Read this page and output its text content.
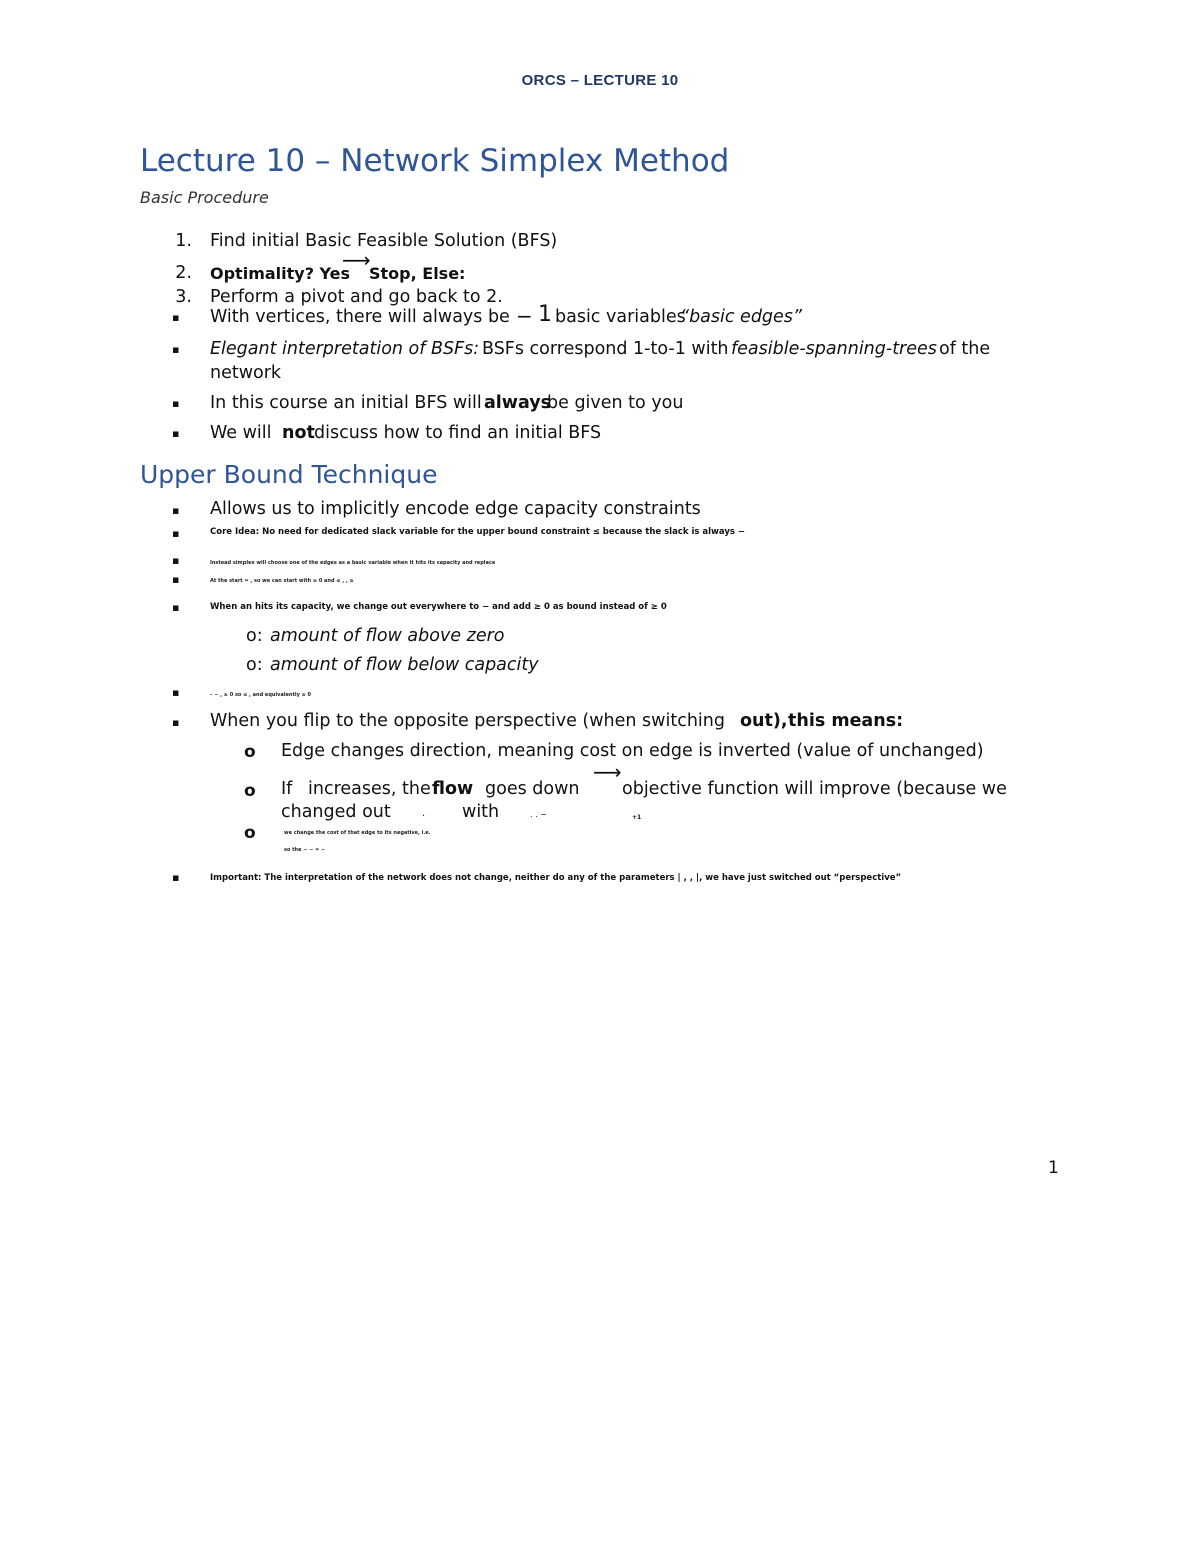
ORCS – LECTURE 10
Lecture 10 – Network Simplex Method
Basic Procedure
1. Find initial Basic Feasible Solution (BFS)
2. Optimality? Yes
⟶
Stop, Else:
3. Perform a pivot and go back to 2.
▪ With vertices, there will always be − 1 basic variables
“basic edges”
▪ Elegant interpretation of BSFs: BSFs correspond 1-to-1 with feasible-spanning-trees of the
network
▪ In this course an initial BFS will always
be given to you
▪ We will not discuss how to find an initial BFS
Upper Bound Technique
▪ Allows us to implicitly encode edge capacity constraints
▪	Core Idea: No need for dedicated slack variable for the upper bound constraint ≤ because the slack is always −
▪	Instead simplex will choose one of the edges as a basic variable when it hits its capacity and replace
▪	At the start = , so we can start with ≥ 0 and ≤ , , ≥
▪	When an hits its capacity, we change out everywhere to − and add ≥ 0 as bound instead of ≥ 0
o: amount of flow above zero
o: amount of flow below capacity
▪	– − , ≥ 0 so ≤ , and equivalently ≥ 0
▪ When you flip to the opposite perspective (when switching out), this means:
o Edge changes direction, meaning cost on edge is inverted (value of unchanged)
o If increases, the flow goes down
⟶
objective function will improve (because we
changed out	. with	. . −	+1
o	we change the cost of that edge to its negative, i.e.
so the − − = −
▪	Important: The interpretation of the network does not change, neither do any of the parameters | , , |, we have just switched out “perspective”
1
